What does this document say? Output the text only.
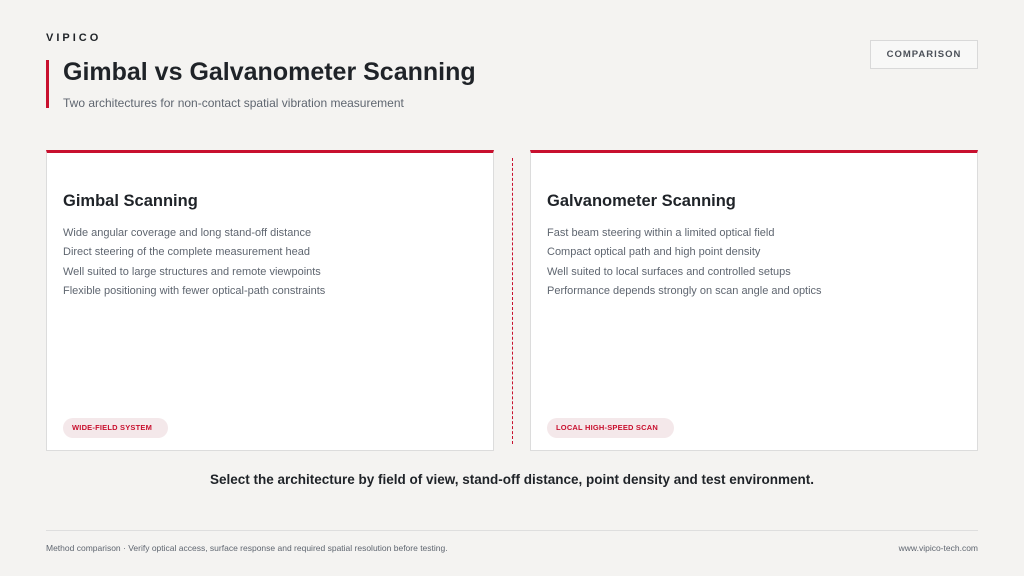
VIPICO
Gimbal vs Galvanometer Scanning
Two architectures for non-contact spatial vibration measurement
COMPARISON
Gimbal Scanning
Wide angular coverage and long stand-off distance
Direct steering of the complete measurement head
Well suited to large structures and remote viewpoints
Flexible positioning with fewer optical-path constraints
WIDE-FIELD SYSTEM
Galvanometer Scanning
Fast beam steering within a limited optical field
Compact optical path and high point density
Well suited to local surfaces and controlled setups
Performance depends strongly on scan angle and optics
LOCAL HIGH-SPEED SCAN
Select the architecture by field of view, stand-off distance, point density and test environment.
Method comparison · Verify optical access, surface response and required spatial resolution before testing.	www.vipico-tech.com
